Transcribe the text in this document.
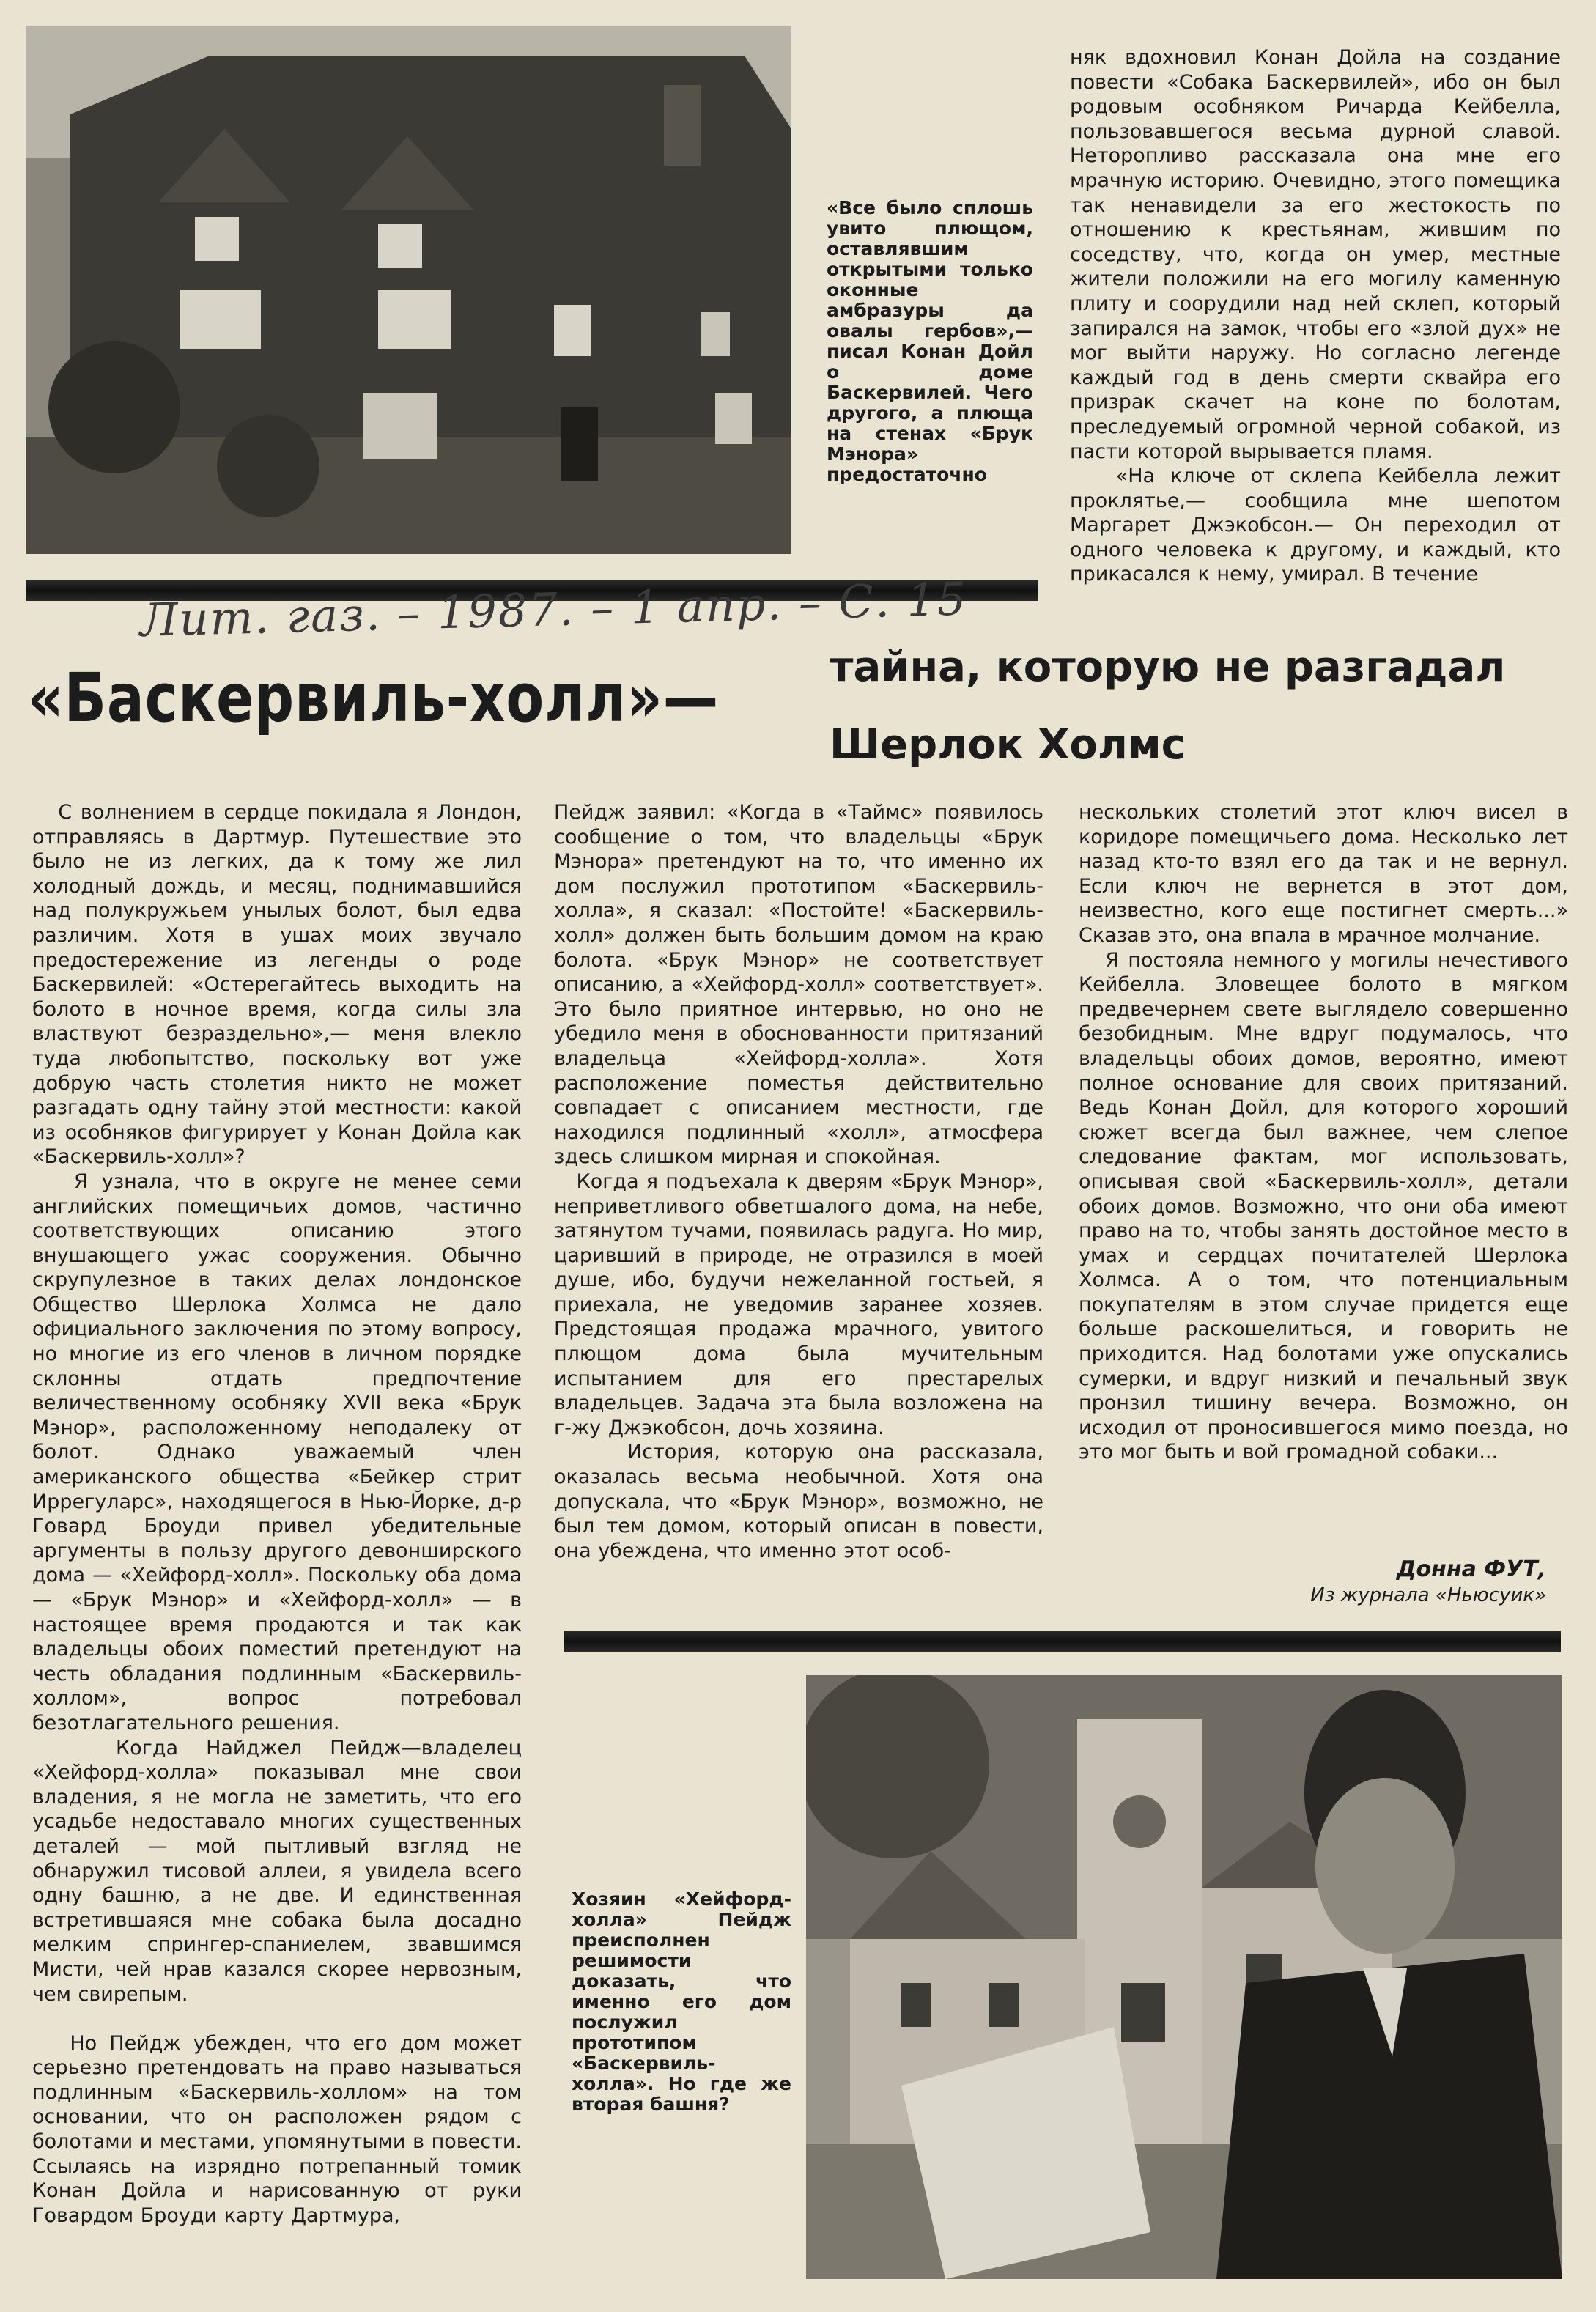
«Все было сплошь увито плющом, оставлявшим открытыми только оконные амбразуры да овалы гербов»,— писал Конан Дойл о доме Баскервилей. Чего другого, а плюща на стенах «Брук Мэнора» предостаточно
няк вдохновил Конан Дойла на создание повести «Собака Баскервилей», ибо он был родовым особняком Ричарда Кейбелла, пользовавшегося весьма дурной славой. Неторопливо рассказала она мне его мрачную историю. Очевидно, этого помещика так ненавидели за его жестокость по отношению к крестьянам, жившим по соседству, что, когда он умер, местные жители положили на его могилу каменную плиту и соорудили над ней склеп, который запирался на замок, чтобы его «злой дух» не мог выйти наружу. Но согласно легенде каждый год в день смерти сквайра его призрак скачет на коне по болотам, преследуемый огромной черной собакой, из пасти которой вырывается пламя.
«На ключе от склепа Кейбелла лежит проклятье,— сообщила мне шепотом Маргарет Джэкобсон.— Он переходил от одного человека к другому, и каждый, кто прикасался к нему, умирал. В течение
Лит. газ. – 1987. – 1 апр. – С. 15
«Баскервиль-холл»—	тайна, которую не разгадал
Шерлок Холмс
С волнением в сердце покидала я Лондон, отправляясь в Дартмур. Путешествие это было не из легких, да к тому же лил холодный дождь, и месяц, поднимавшийся над полукружьем унылых болот, был едва различим. Хотя в ушах моих звучало предостережение из легенды о роде Баскервилей: «Остерегайтесь выходить на болото в ночное время, когда силы зла властвуют безраздельно»,— меня влекло туда любопытство, поскольку вот уже добрую часть столетия никто не может разгадать одну тайну этой местности: какой из особняков фигурирует у Конан Дойла как «Баскервиль-холл»?
Я узнала, что в округе не менее семи английских помещичьих домов, частично соответствующих описанию этого внушающего ужас сооружения. Обычно скрупулезное в таких делах лондонское Общество Шерлока Холмса не дало официального заключения по этому вопросу, но многие из его членов в личном порядке склонны отдать предпочтение величественному особняку XVII века «Брук Мэнор», расположенному неподалеку от болот. Однако уважаемый член американского общества «Бейкер стрит Иррегуларс», находящегося в Нью-Йорке, д-р Говард Броуди привел убедительные аргументы в пользу другого девонширского дома — «Хейфорд-холл». Поскольку оба дома — «Брук Мэнор» и «Хейфорд-холл» — в настоящее время продаются и так как владельцы обоих поместий претендуют на честь обладания подлинным «Баскервиль-холлом», вопрос потребовал безотлагательного решения.
Когда Найджел Пейдж—владелец «Хейфорд-холла» показывал мне свои владения, я не могла не заметить, что его усадьбе недоставало многих существенных деталей — мой пытливый взгляд не обнаружил тисовой аллеи, я увидела всего одну башню, а не две. И единственная встретившаяся мне собака была досадно мелким спрингер-спаниелем, звавшимся Мисти, чей нрав казался скорее нервозным, чем свирепым.

Но Пейдж убежден, что его дом может серьезно претендовать на право называться подлинным «Баскервиль-холлом» на том основании, что он расположен рядом с болотами и местами, упомянутыми в повести. Ссылаясь на изрядно потрепанный томик Конан Дойла и нарисованную от руки Говардом Броуди карту Дартмура,
Пейдж заявил: «Когда в «Таймс» появилось сообщение о том, что владельцы «Брук Мэнора» претендуют на то, что именно их дом послужил прототипом «Баскервиль-холла», я сказал: «Постойте! «Баскервиль-холл» должен быть большим домом на краю болота. «Брук Мэнор» не соответствует описанию, а «Хейфорд-холл» соответствует». Это было приятное интервью, но оно не убедило меня в обоснованности притязаний владельца «Хейфорд-холла». Хотя расположение поместья действительно совпадает с описанием местности, где находился подлинный «холл», атмосфера здесь слишком мирная и спокойная.
Когда я подъехала к дверям «Брук Мэнор», неприветливого обветшалого дома, на небе, затянутом тучами, появилась радуга. Но мир, царивший в природе, не отразился в моей душе, ибо, будучи нежеланной гостьей, я приехала, не уведомив заранее хозяев. Предстоящая продажа мрачного, увитого плющом дома была мучительным испытанием для его престарелых владельцев. Задача эта была возложена на г-жу Джэкобсон, дочь хозяина.
История, которую она рассказала, оказалась весьма необычной. Хотя она допускала, что «Брук Мэнор», возможно, не был тем домом, который описан в повести, она убеждена, что именно этот особ-
нескольких столетий этот ключ висел в коридоре помещичьего дома. Несколько лет назад кто-то взял его да так и не вернул. Если ключ не вернется в этот дом, неизвестно, кого еще постигнет смерть...» Сказав это, она впала в мрачное молчание.
Я постояла немного у могилы нечестивого Кейбелла. Зловещее болото в мягком предвечернем свете выглядело совершенно безобидным. Мне вдруг подумалось, что владельцы обоих домов, вероятно, имеют полное основание для своих притязаний. Ведь Конан Дойл, для которого хороший сюжет всегда был важнее, чем слепое следование фактам, мог использовать, описывая свой «Баскервиль-холл», детали обоих домов. Возможно, что они оба имеют право на то, чтобы занять достойное место в умах и сердцах почитателей Шерлока Холмса. А о том, что потенциальным покупателям в этом случае придется еще больше раскошелиться, и говорить не приходится. Над болотами уже опускались сумерки, и вдруг низкий и печальный звук пронзил тишину вечера. Возможно, он исходил от проносившегося мимо поезда, но это мог быть и вой громадной собаки...
Донна ФУТ,
Из журнала «Ньюсуик»
Хозяин «Хейфорд-холла» Пейдж преисполнен решимости доказать, что именно его дом послужил прототипом «Баскервиль-холла». Но где же вторая башня?
